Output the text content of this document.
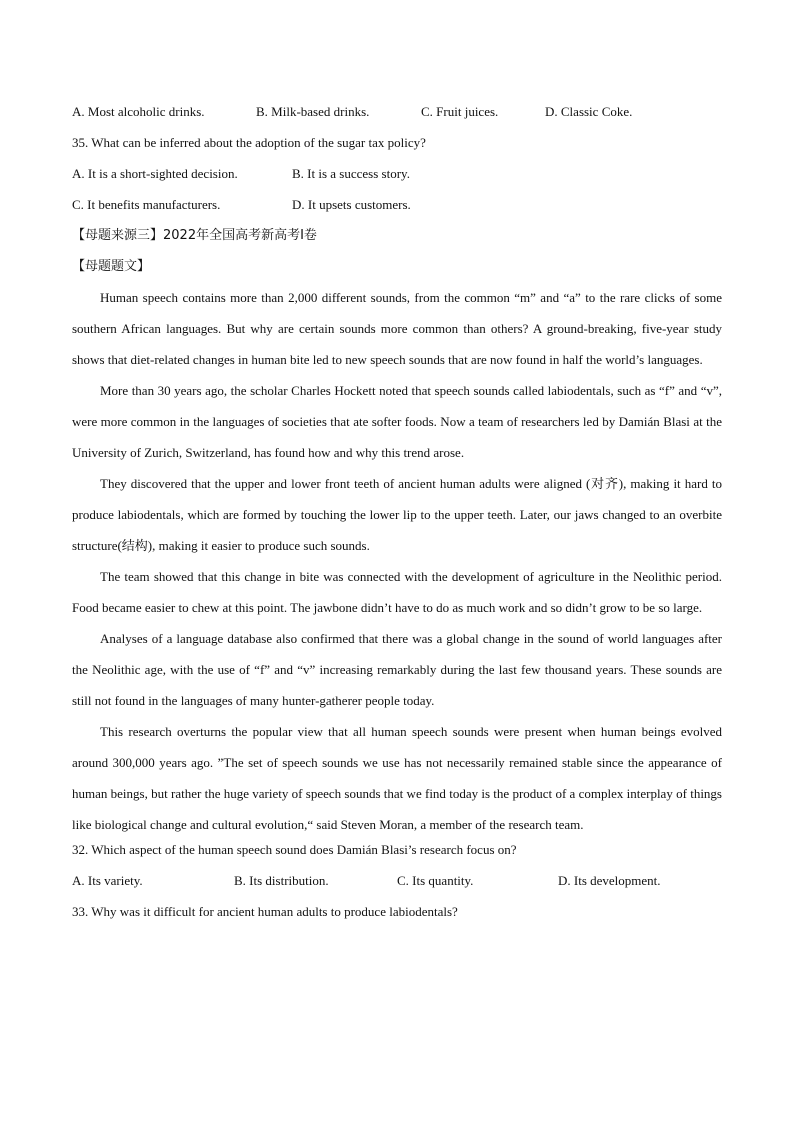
A. Most alcoholic drinks.	B. Milk-based drinks.	C. Fruit juices.	D. Classic Coke.
35. What can be inferred about the adoption of the sugar tax policy?
A. It is a short-sighted decision.	B. It is a success story.
C. It benefits manufacturers.	D. It upsets customers.
【母题来源三】2022年全国高考新高考I卷
【母题题文】

Human speech contains more than 2,000 different sounds, from the common “m” and “a” to the rare clicks of some southern African languages. But why are certain sounds more common than others? A ground-breaking, five-year study shows that diet-related changes in human bite led to new speech sounds that are now found in half the world’s languages.

More than 30 years ago, the scholar Charles Hockett noted that speech sounds called labiodentals, such as “f” and “v”, were more common in the languages of societies that ate softer foods. Now a team of researchers led by Damián Blasi at the University of Zurich, Switzerland, has found how and why this trend arose.

They discovered that the upper and lower front teeth of ancient human adults were aligned (对齐), making it hard to produce labiodentals, which are formed by touching the lower lip to the upper teeth. Later, our jaws changed to an overbite structure(结构), making it easier to produce such sounds.

The team showed that this change in bite was connected with the development of agriculture in the Neolithic period. Food became easier to chew at this point. The jawbone didn’t have to do as much work and so didn’t grow to be so large.

Analyses of a language database also confirmed that there was a global change in the sound of world languages after the Neolithic age, with the use of “f” and “v” increasing remarkably during the last few thousand years. These sounds are still not found in the languages of many hunter-gatherer people today.

This research overturns the popular view that all human speech sounds were present when human beings evolved around 300,000 years ago. ”The set of speech sounds we use has not necessarily remained stable since the appearance of human beings, but rather the huge variety of speech sounds that we find today is the product of a complex interplay of things like biological change and cultural evolution,“ said Steven Moran, a member of the research team.

32. Which aspect of the human speech sound does Damián Blasi’s research focus on?
A. Its variety.	B. Its distribution.	C. Its quantity.	D. Its development.
33. Why was it difficult for ancient human adults to produce labiodentals?
